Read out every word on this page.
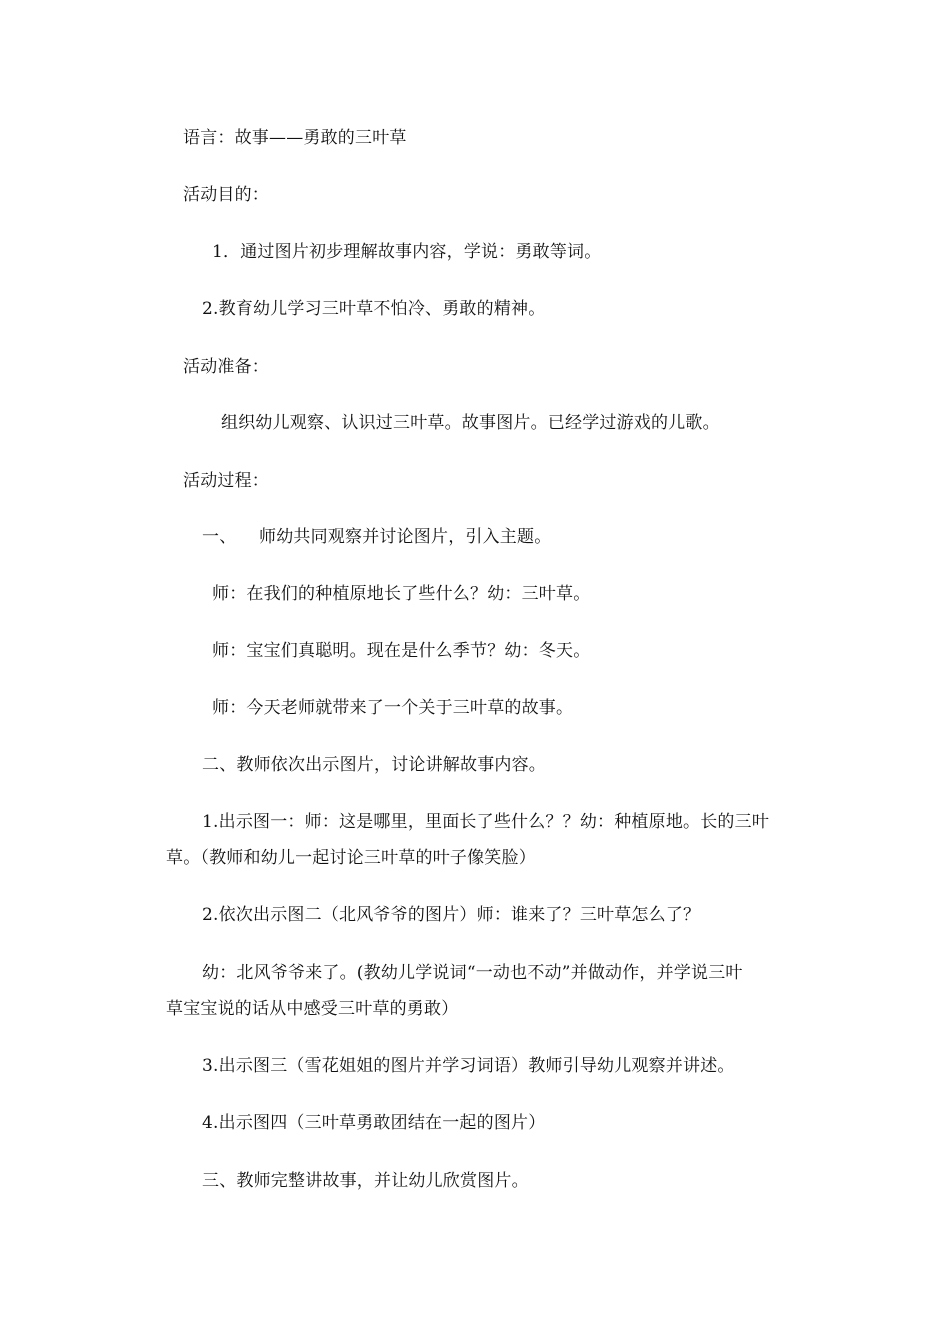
语言：故事——勇敢的三叶草
活动目的：
1．通过图片初步理解故事内容，学说：勇敢等词。
2.教育幼儿学习三叶草不怕冷、勇敢的精神。
活动准备：
组织幼儿观察、认识过三叶草。故事图片。已经学过游戏的儿歌。
活动过程：
一、 师幼共同观察并讨论图片，引入主题。
师：在我们的种植原地长了些什么？幼：三叶草。
师：宝宝们真聪明。现在是什么季节？幼：冬天。
师：今天老师就带来了一个关于三叶草的故事。
二、教师依次出示图片，讨论讲解故事内容。
1.出示图一：师：这是哪里，里面长了些什么？？幼：种植原地。长的三叶
草。（教师和幼儿一起讨论三叶草的叶子像笑脸）
2.依次出示图二（北风爷爷的图片）师：谁来了？三叶草怎么了？
幼：北风爷爷来了。(教幼儿学说词“一动也不动”并做动作，并学说三叶
草宝宝说的话从中感受三叶草的勇敢）
3.出示图三（雪花姐姐的图片并学习词语）教师引导幼儿观察并讲述。
4.出示图四（三叶草勇敢团结在一起的图片）
三、教师完整讲故事，并让幼儿欣赏图片。
